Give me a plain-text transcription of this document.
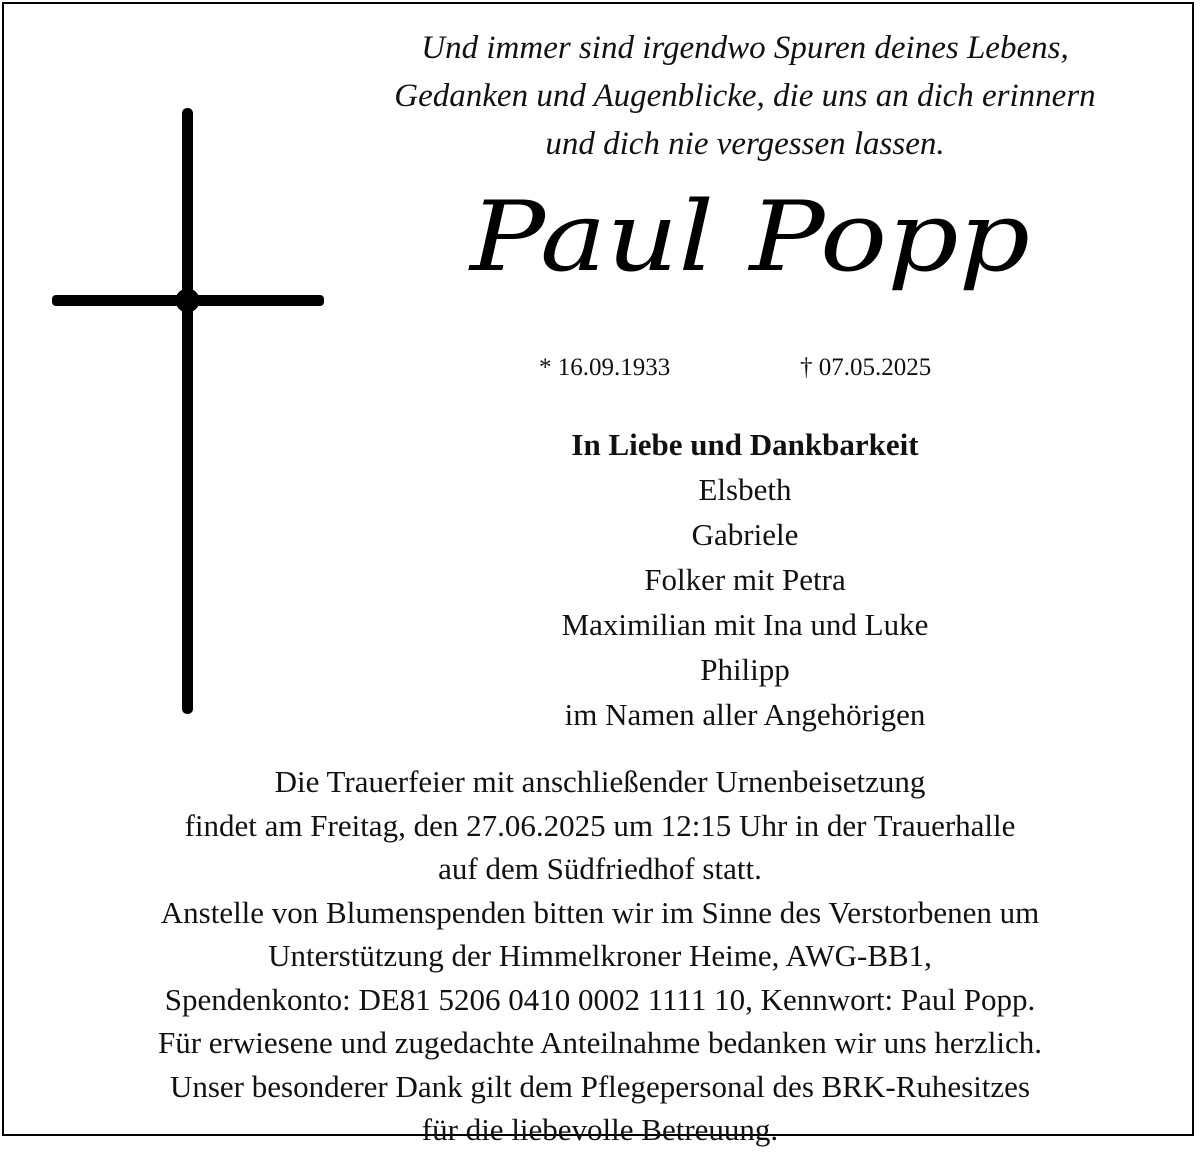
Und immer sind irgendwo Spuren deines Lebens,
Gedanken und Augenblicke, die uns an dich erinnern
und dich nie vergessen lassen.
Paul Popp
* 16.09.1933	† 07.05.2025
In Liebe und Dankbarkeit
Elsbeth
Gabriele
Folker mit Petra
Maximilian mit Ina und Luke
Philipp
im Namen aller Angehörigen
Die Trauerfeier mit anschließender Urnenbeisetzung
findet am Freitag, den 27.06.2025 um 12:15 Uhr in der Trauerhalle
auf dem Südfriedhof statt.
Anstelle von Blumenspenden bitten wir im Sinne des Verstorbenen um
Unterstützung der Himmelkroner Heime, AWG-BB1,
Spendenkonto: DE81 5206 0410 0002 1111 10, Kennwort: Paul Popp.
Für erwiesene und zugedachte Anteilnahme bedanken wir uns herzlich.
Unser besonderer Dank gilt dem Pflegepersonal des BRK-Ruhesitzes
für die liebevolle Betreuung.
